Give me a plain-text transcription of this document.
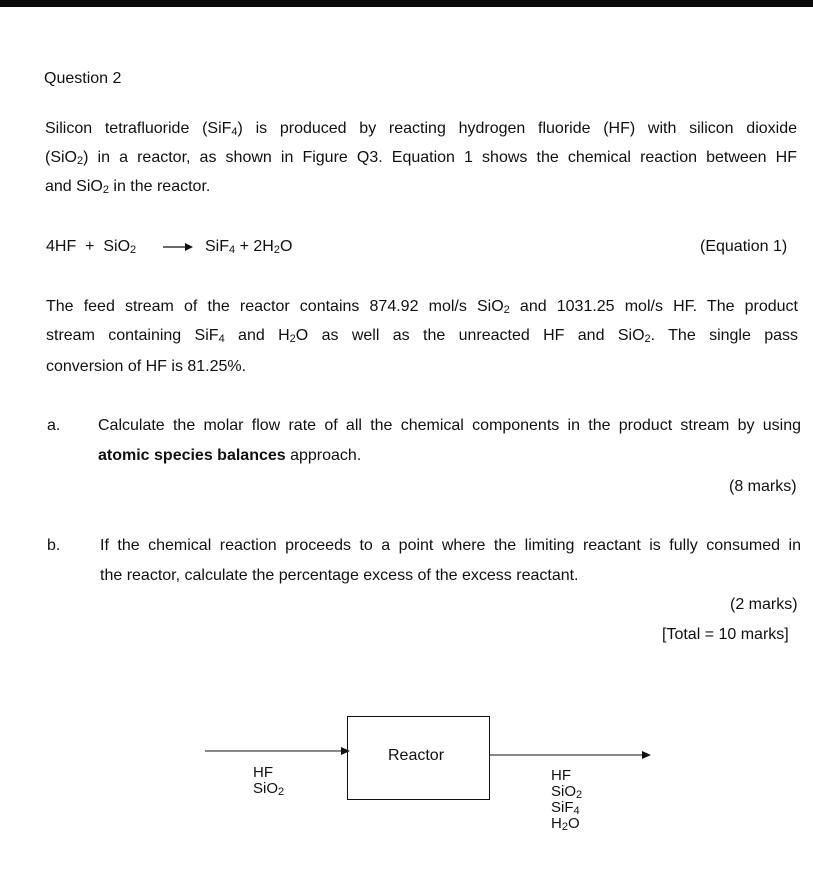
Question 2
Silicon tetrafluoride (SiF$_4$) is produced by reacting hydrogen fluoride (HF) with silicon dioxide
(SiO$_2$) in a reactor, as shown in Figure Q3. Equation 1 shows the chemical reaction between HF
and SiO$_2$ in the reactor.
$4HF + SiO_2 \to SiF_4 + 2H_2O$	(Equation 1)
The feed stream of the reactor contains 874.92 mol/s SiO$_2$ and 1031.25 mol/s HF. The product
stream containing SiF$_4$ and $H_2O$ as well as the unreacted HF and SiO$_2$. The single pass
conversion of HF is 81.25%.
a. Calculate the molar flow rate of all the chemical components in the product stream by using
atomic species balances approach.
(8 marks)
b. If the chemical reaction proceeds to a point where the limiting reactant is fully consumed in
the reactor, calculate the percentage excess of the excess reactant.
(2 marks)
[Total = 10 marks]
Reactor
HF
SiO$_2$
HF
SiO$_2$
SiF$_4$
$H_2O$
